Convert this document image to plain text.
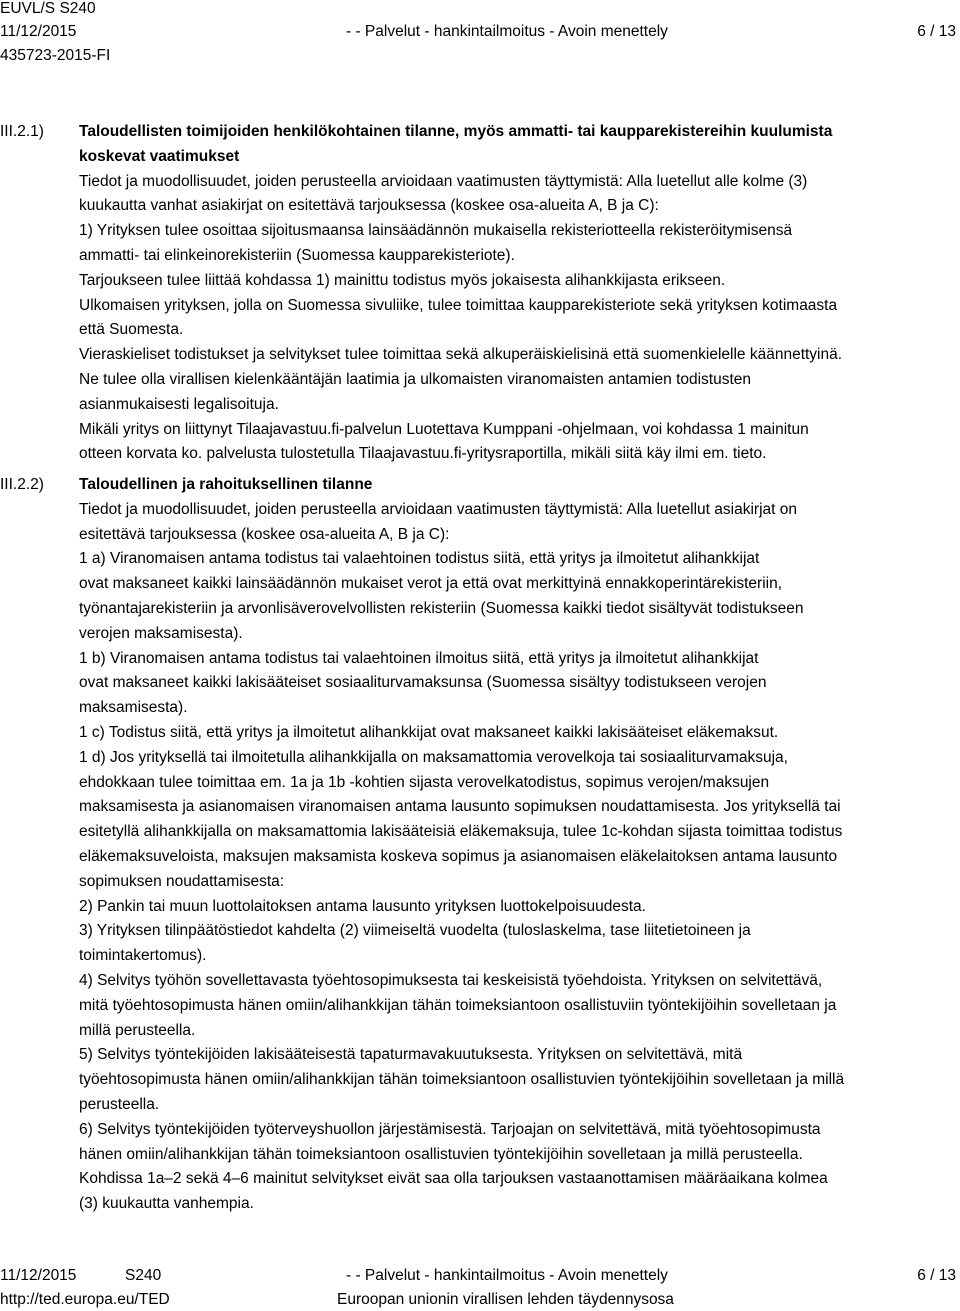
EUVL/S S240
11/12/2015	- - Palvelut - hankintailmoitus - Avoin menettely	6 / 13
435723-2015-FI
III.2.1)
III.2.2)

Taloudellisten toimijoiden henkilökohtainen tilanne, myös ammatti- tai kaupparekistereihin kuulumista

koskevat vaatimukset

Tiedot ja muodollisuudet, joiden perusteella arvioidaan vaatimusten täyttymistä: Alla luetellut alle kolme (3)

kuukautta vanhat asiakirjat on esitettävä tarjouksessa (koskee osa-alueita A, B ja C):

1) Yrityksen tulee osoittaa sijoitusmaansa lainsäädännön mukaisella rekisteriotteella rekisteröitymisensä

ammatti- tai elinkeinorekisteriin (Suomessa kaupparekisteriote).

Tarjoukseen tulee liittää kohdassa 1) mainittu todistus myös jokaisesta alihankkijasta erikseen.

Ulkomaisen yrityksen, jolla on Suomessa sivuliike, tulee toimittaa kaupparekisteriote sekä yrityksen kotimaasta

että Suomesta.

Vieraskieliset todistukset ja selvitykset tulee toimittaa sekä alkuperäiskielisinä että suomenkielelle käännettyinä.

Ne tulee olla virallisen kielenkääntäjän laatimia ja ulkomaisten viranomaisten antamien todistusten

asianmukaisesti legalisoituja.

Mikäli yritys on liittynyt Tilaajavastuu.fi-palvelun Luotettava Kumppani -ohjelmaan, voi kohdassa 1 mainitun

otteen korvata ko. palvelusta tulostetulla Tilaajavastuu.fi-yritysraportilla, mikäli siitä käy ilmi em. tieto.

Taloudellinen ja rahoituksellinen tilanne

Tiedot ja muodollisuudet, joiden perusteella arvioidaan vaatimusten täyttymistä: Alla luetellut asiakirjat on

esitettävä tarjouksessa (koskee osa-alueita A, B ja C):

1 a) Viranomaisen antama todistus tai valaehtoinen todistus siitä, että yritys ja ilmoitetut alihankkijat

ovat maksaneet kaikki lainsäädännön mukaiset verot ja että ovat merkittyinä ennakkoperintärekisteriin,

työnantajarekisteriin ja arvonlisäverovelvollisten rekisteriin (Suomessa kaikki tiedot sisältyvät todistukseen

verojen maksamisesta).

1 b) Viranomaisen antama todistus tai valaehtoinen ilmoitus siitä, että yritys ja ilmoitetut alihankkijat

ovat maksaneet kaikki lakisääteiset sosiaaliturvamaksunsa (Suomessa sisältyy todistukseen verojen

maksamisesta).

1 c) Todistus siitä, että yritys ja ilmoitetut alihankkijat ovat maksaneet kaikki lakisääteiset eläkemaksut.

1 d) Jos yrityksellä tai ilmoitetulla alihankkijalla on maksamattomia verovelkoja tai sosiaaliturvamaksuja,

ehdokkaan tulee toimittaa em. 1a ja 1b -kohtien sijasta verovelkatodistus, sopimus verojen/maksujen

maksamisesta ja asianomaisen viranomaisen antama lausunto sopimuksen noudattamisesta. Jos yrityksellä tai

esitetyllä alihankkijalla on maksamattomia lakisääteisiä eläkemaksuja, tulee 1c-kohdan sijasta toimittaa todistus

eläkemaksuveloista, maksujen maksamista koskeva sopimus ja asianomaisen eläkelaitoksen antama lausunto

sopimuksen noudattamisesta:

2) Pankin tai muun luottolaitoksen antama lausunto yrityksen luottokelpoisuudesta.

3) Yrityksen tilinpäätöstiedot kahdelta (2) viimeiseltä vuodelta (tuloslaskelma, tase liitetietoineen ja

toimintakertomus).

4) Selvitys työhön sovellettavasta työehtosopimuksesta tai keskeisistä työehdoista. Yrityksen on selvitettävä,

mitä työehtosopimusta hänen omiin/alihankkijan tähän toimeksiantoon osallistuviin työntekijöihin sovelletaan ja

millä perusteella.

5) Selvitys työntekijöiden lakisääteisestä tapaturmavakuutuksesta. Yrityksen on selvitettävä, mitä

työehtosopimusta hänen omiin/alihankkijan tähän toimeksiantoon osallistuvien työntekijöihin sovelletaan ja millä

perusteella.

6) Selvitys työntekijöiden työterveyshuollon järjestämisestä. Tarjoajan on selvitettävä, mitä työehtosopimusta

hänen omiin/alihankkijan tähän toimeksiantoon osallistuvien työntekijöihin sovelletaan ja millä perusteella.

Kohdissa 1a–2 sekä 4–6 mainitut selvitykset eivät saa olla tarjouksen vastaanottamisen määräaikana kolmea

(3) kuukautta vanhempia.

11/12/2015	S240	- - Palvelut - hankintailmoitus - Avoin menettely	6 / 13
http://ted.europa.eu/TED	Euroopan unionin virallisen lehden täydennysosa
